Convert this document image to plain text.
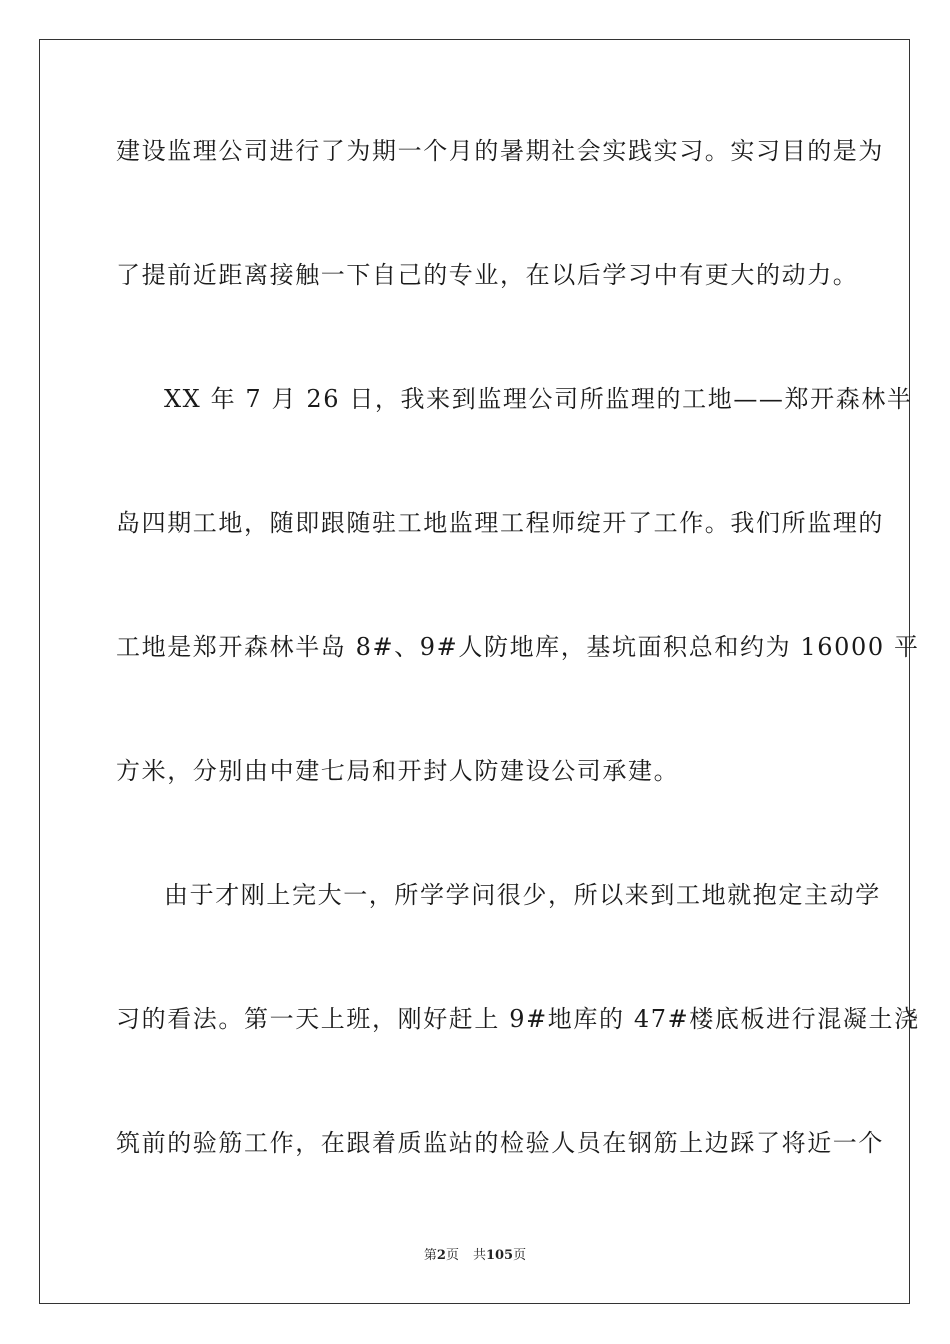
建设监理公司进行了为期一个月的暑期社会实践实习。实习目的是为
了提前近距离接触一下自己的专业，在以后学习中有更大的动力。
XX 年 7 月 26 日，我来到监理公司所监理的工地——郑开森林半
岛四期工地，随即跟随驻工地监理工程师绽开了工作。我们所监理的
工地是郑开森林半岛 8#、9#人防地库，基坑面积总和约为 16000 平
方米，分别由中建七局和开封人防建设公司承建。
由于才刚上完大一，所学学问很少，所以来到工地就抱定主动学
习的看法。第一天上班，刚好赶上 9#地库的 47#楼底板进行混凝土浇
筑前的验筋工作，在跟着质监站的检验人员在钢筋上边踩了将近一个
第2页 共105页
